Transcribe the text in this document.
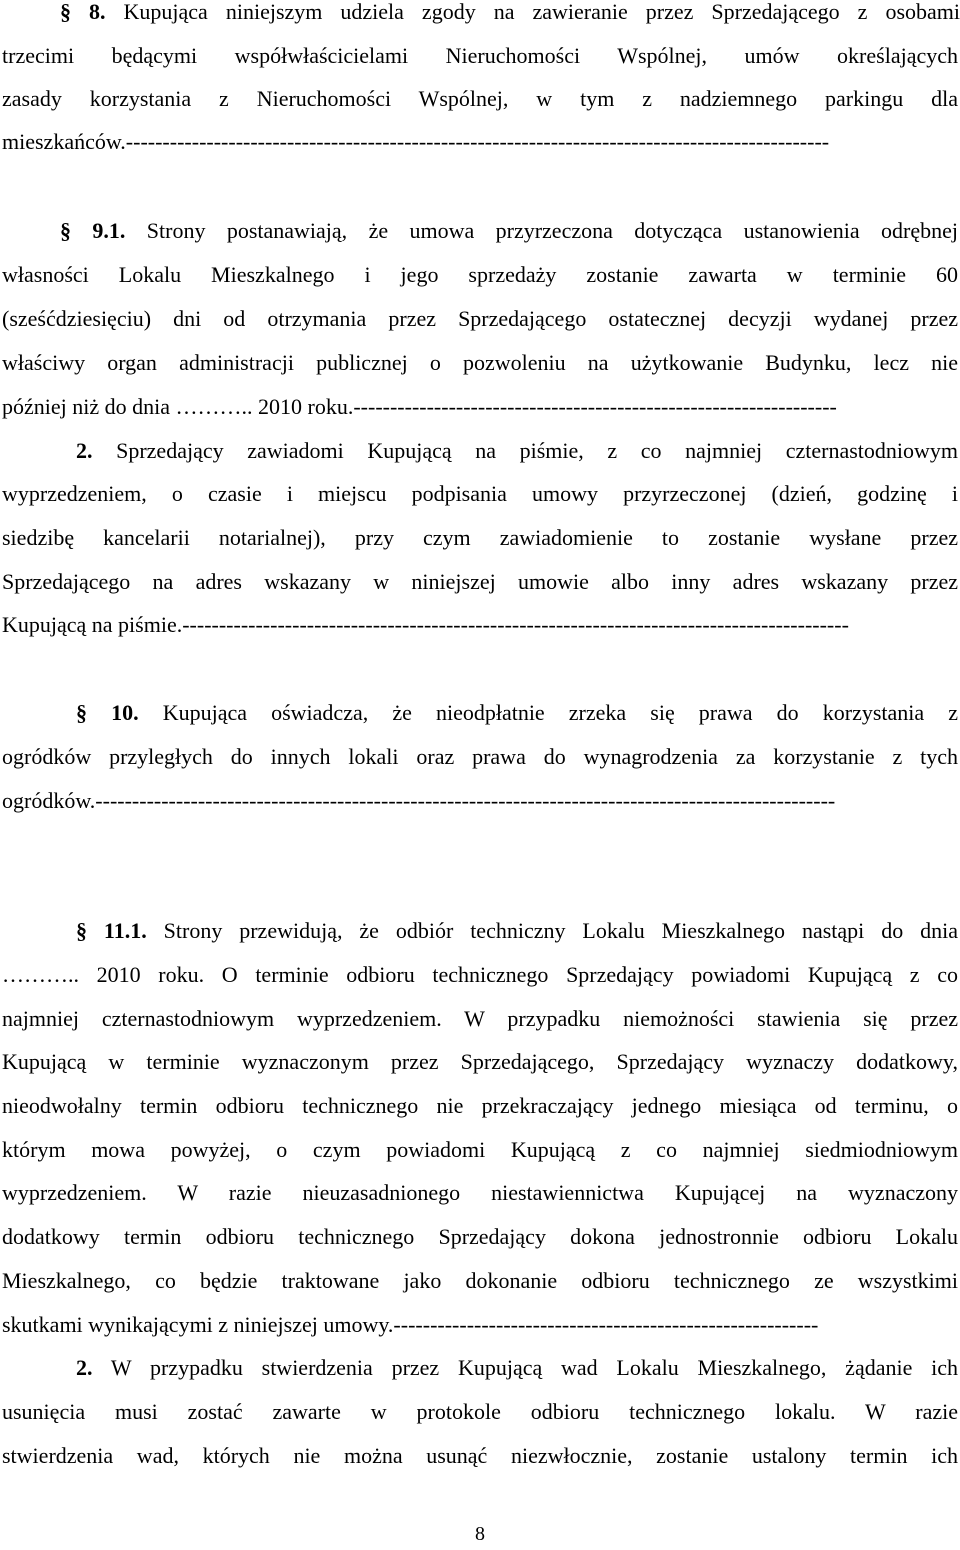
§ 8. Kupująca niniejszym udziela zgody na zawieranie przez Sprzedającego z osobami
trzecimi będącymi współwłaścicielami Nieruchomości Wspólnej, umów określających
zasady korzystania z Nieruchomości Wspólnej, w tym z nadziemnego parkingu dla
mieszkańców.------------------------------------------------------------------------------------------------
§ 9.1. Strony postanawiają, że umowa przyrzeczona dotycząca ustanowienia odrębnej
własności Lokalu Mieszkalnego i jego sprzedaży zostanie zawarta w terminie 60
(sześćdziesięciu) dni od otrzymania przez Sprzedającego ostatecznej decyzji wydanej przez
właściwy organ administracji publicznej o pozwoleniu na użytkowanie Budynku, lecz nie
później niż do dnia ……….. 2010 roku.------------------------------------------------------------------
2. Sprzedający zawiadomi Kupującą na piśmie, z co najmniej czternastodniowym
wyprzedzeniem, o czasie i miejscu podpisania umowy przyrzeczonej (dzień, godzinę i
siedzibę kancelarii notarialnej), przy czym zawiadomienie to zostanie wysłane przez
Sprzedającego na adres wskazany w niniejszej umowie albo inny adres wskazany przez
Kupującą na piśmie.-------------------------------------------------------------------------------------------
§ 10. Kupująca oświadcza, że nieodpłatnie zrzeka się prawa do korzystania z
ogródków przyległych do innych lokali oraz prawa do wynagrodzenia za korzystanie z tych
ogródków.-----------------------------------------------------------------------------------------------------
§ 11.1. Strony przewidują, że odbiór techniczny Lokalu Mieszkalnego nastąpi do dnia
……….. 2010 roku. O terminie odbioru technicznego Sprzedający powiadomi Kupującą z co
najmniej czternastodniowym wyprzedzeniem. W przypadku niemożności stawienia się przez
Kupującą w terminie wyznaczonym przez Sprzedającego, Sprzedający wyznaczy dodatkowy,
nieodwołalny termin odbioru technicznego nie przekraczający jednego miesiąca od terminu, o
którym mowa powyżej, o czym powiadomi Kupującą z co najmniej siedmiodniowym
wyprzedzeniem. W razie nieuzasadnionego niestawiennictwa Kupującej na wyznaczony
dodatkowy termin odbioru technicznego Sprzedający dokona jednostronnie odbioru Lokalu
Mieszkalnego, co będzie traktowane jako dokonanie odbioru technicznego ze wszystkimi
skutkami wynikającymi z niniejszej umowy.----------------------------------------------------------
2. W przypadku stwierdzenia przez Kupującą wad Lokalu Mieszkalnego, żądanie ich
usunięcia musi zostać zawarte w protokole odbioru technicznego lokalu. W razie
stwierdzenia wad, których nie można usunąć niezwłocznie, zostanie ustalony termin ich
8
